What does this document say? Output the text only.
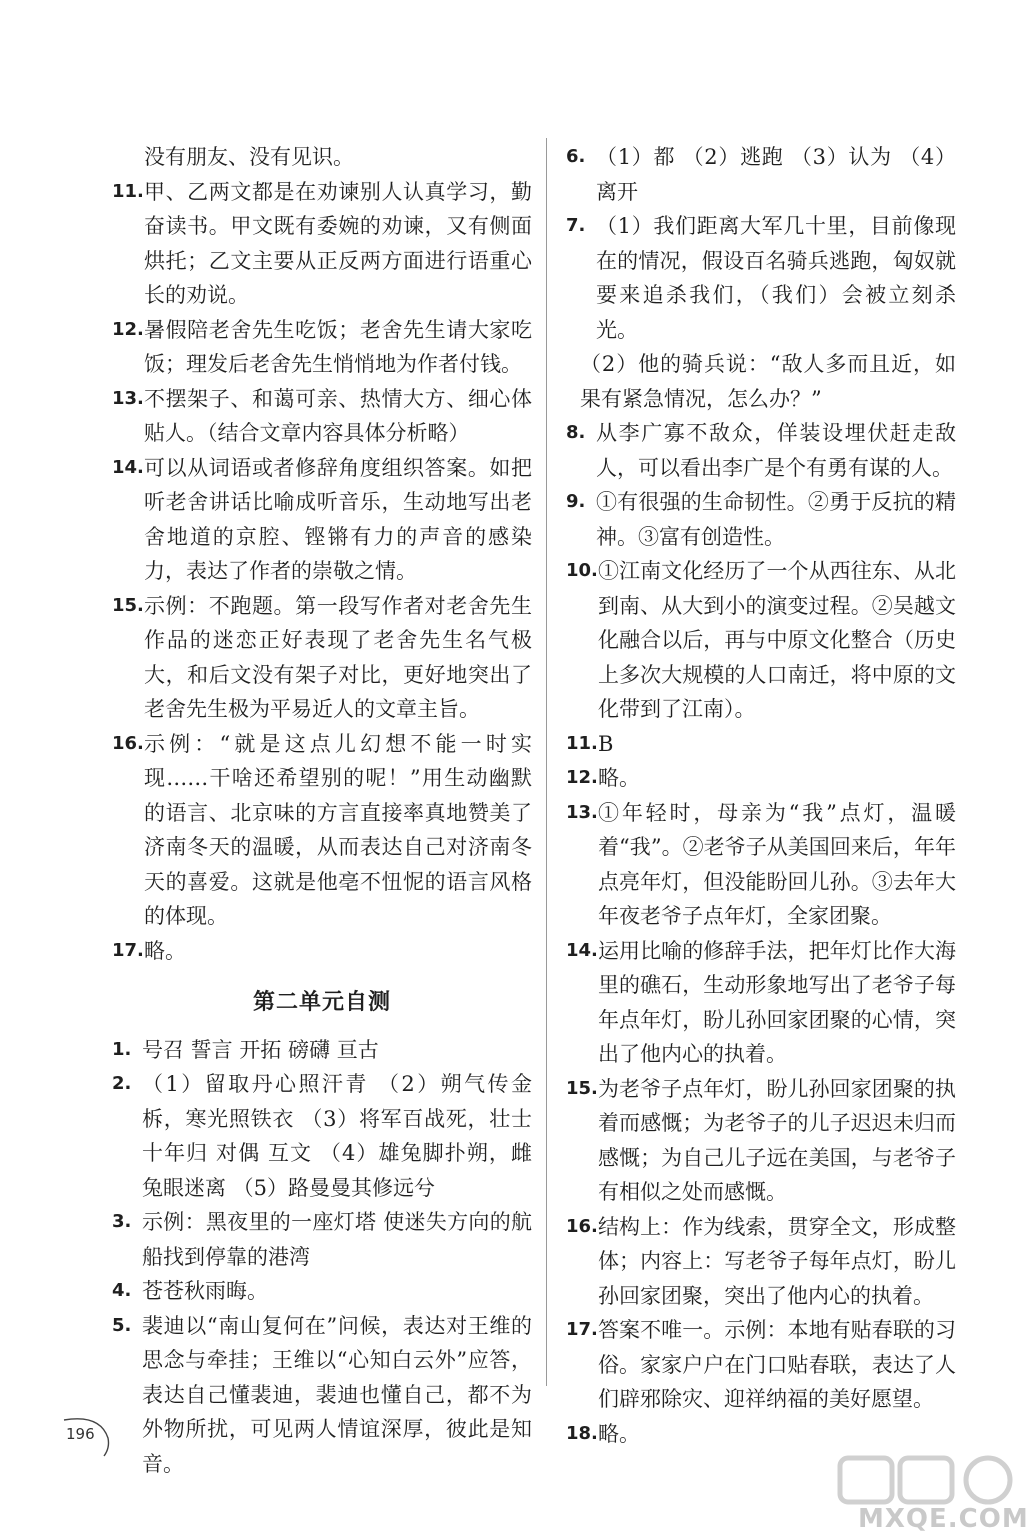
没有朋友、没有见识。
11. 甲、乙两文都是在劝谏别人认真学习，勤奋读书。甲文既有委婉的劝谏，又有侧面烘托；乙文主要从正反两方面进行语重心长的劝说。
12. 暑假陪老舍先生吃饭；老舍先生请大家吃饭；理发后老舍先生悄悄地为作者付钱。
13. 不摆架子、和蔼可亲、热情大方、细心体贴人。（结合文章内容具体分析略）
14. 可以从词语或者修辞角度组织答案。如把听老舍讲话比喻成听音乐，生动地写出老舍地道的京腔、铿锵有力的声音的感染力，表达了作者的崇敬之情。
15. 示例：不跑题。第一段写作者对老舍先生作品的迷恋正好表现了老舍先生名气极大，和后文没有架子对比，更好地突出了老舍先生极为平易近人的文章主旨。
16. 示例：“就是这点儿幻想不能一时实现……干啥还希望别的呢！”用生动幽默的语言、北京味的方言直接率真地赞美了济南冬天的温暖，从而表达自己对济南冬天的喜爱。这就是他亳不忸怩的语言风格的体现。
17. 略。
第二单元自测
1. 号召 誓言 开拓 磅礴 亘古
2. （1）留取丹心照汗青 （2）朔气传金柝，寒光照铁衣 （3）将军百战死，壮士十年归 对偶 互文 （4）雄兔脚扑朔，雌兔眼迷离 （5）路曼曼其修远兮
3. 示例：黑夜里的一座灯塔 使迷失方向的航船找到停靠的港湾
4. 苍苍秋雨晦。
5. 裴迪以“南山复何在”问候，表达对王维的思念与牵挂；王维以“心知白云外”应答，表达自己懂裴迪，裴迪也懂自己，都不为外物所扰，可见两人情谊深厚，彼此是知音。
6. （1）都 （2）逃跑 （3）认为 （4）离开
7. （1）我们距离大军几十里，目前像现在的情况，假设百名骑兵逃跑，匈奴就要来追杀我们，（我们）会被立刻杀光。
（2）他的骑兵说：“敌人多而且近，如果有紧急情况，怎么办？”
8. 从李广寡不敌众，佯装设埋伏赶走敌人，可以看出李广是个有勇有谋的人。
9. ①有很强的生命韧性。②勇于反抗的精神。③富有创造性。
10. ①江南文化经历了一个从西往东、从北到南、从大到小的演变过程。②吴越文化融合以后，再与中原文化整合（历史上多次大规模的人口南迁，将中原的文化带到了江南）。
11. B
12. 略。
13. ①年轻时，母亲为“我”点灯，温暖着“我”。②老爷子从美国回来后，年年点亮年灯，但没能盼回儿孙。③去年大年夜老爷子点年灯，全家团聚。
14. 运用比喻的修辞手法，把年灯比作大海里的礁石，生动形象地写出了老爷子每年点年灯，盼儿孙回家团聚的心情，突出了他内心的执着。
15. 为老爷子点年灯，盼儿孙回家团聚的执着而感慨；为老爷子的儿子迟迟未归而感慨；为自己儿子远在美国，与老爷子有相似之处而感慨。
16. 结构上：作为线索，贯穿全文，形成整体；内容上：写老爷子每年点灯，盼儿孙回家团聚，突出了他内心的执着。
17. 答案不唯一。示例：本地有贴春联的习俗。家家户户在门口贴春联，表达了人们辟邪除灾、迎祥纳福的美好愿望。
18. 略。
196
MXQE.COM
